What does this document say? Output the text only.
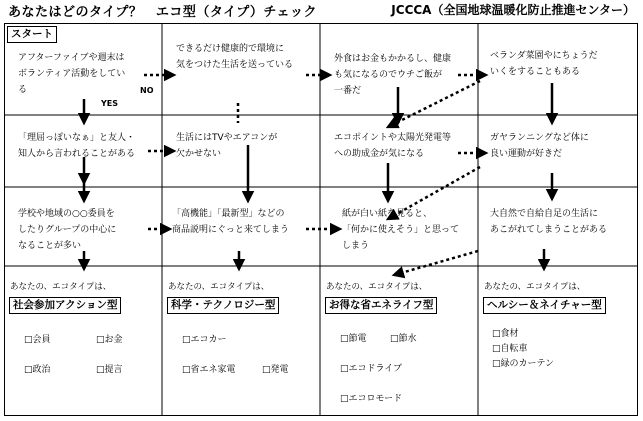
あなたはどのタイプ？　エコ型（タイプ）チェック	JCCCA（全国地球温暖化防止推進センター）
スタート
アフターファイブや週末は
ボランティア活動をしてい
る
できるだけ健康的で環境に
気をつけた生活を送っている
外食はお金もかかるし、健康
も気になるのでウチご飯が
一番だ
ベランダ菜園やにちょうだ
いくをすることもある
NO
YES
「理屈っぽいなぁ」と友人・
知人から言われることがある
生活にはTVやエアコンが
欠かせない
エコポイントや太陽光発電等
への助成金が気になる
ガヤランニングなど体に
良い運動が好きだ
学校や地域の○○委員を
したりグループの中心に
なることが多い
「高機能」「最新型」などの
商品説明にぐっと来てしまう
紙が白い紙を見ると、
「何かに使えそう」と思って
しまう
大自然で自給自足の生活に
あこがれてしまうことがある
あなたの、エコタイプは、
社会参加アクション型
□会員	□お金
□政治	□提言
あなたの、エコタイプは、
科学・テクノロジー型
□エコカー
□省エネ家電	□発電
あなたの、エコタイプは、
お得な省エネライフ型
□節電	□節水
□エコドライブ
□エコロモード
あなたの、エコタイプは、
ヘルシー＆ネイチャー型
□食材
□自転車
□緑のカーテン
